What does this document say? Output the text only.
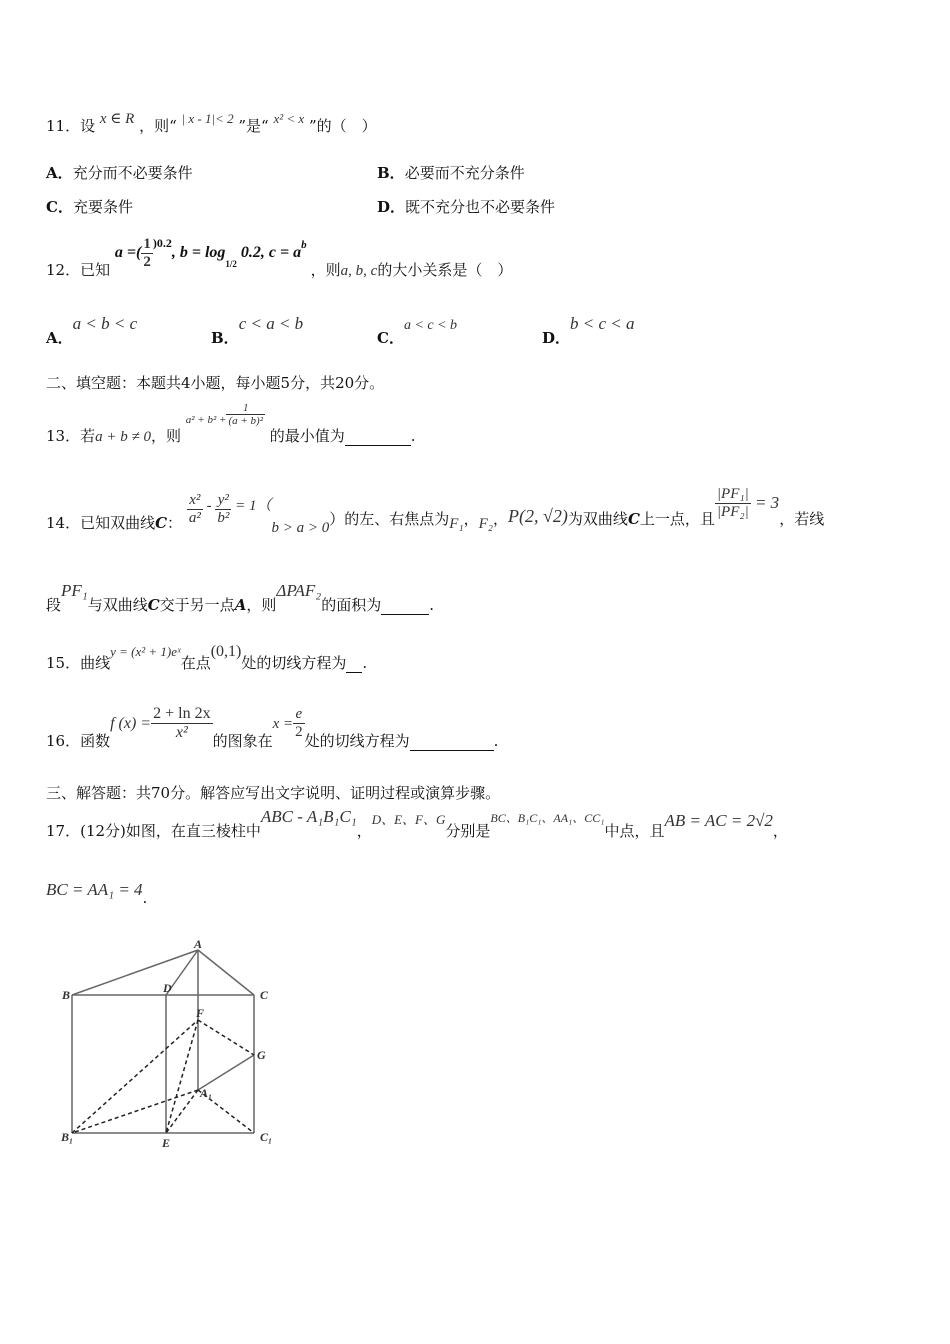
11．设 x ∈ R ，则“ | x - 1|< 2 ”是“ x² < x ”的（　）
A．充分而不必要条件	B．必要而不充分条件
C．充要条件	D．既不充分也不必要条件
12．已知 a =( $\frac{1}{2} ^{)0.2}$, $b = \log_{1/2} 0.2$, $c = a^b$ ，则a, b, c的大小关系是（　）
A．a < b < c
B．c < a < b
C．a < c < b
D．b < c < a
二、填空题：本题共4小题，每小题5分，共20分。
13．若a + b ≠ 0，则 $_{a^2 + b^2 +} \frac{1}{\text{(a + b)²}}$
的最小值为	.
14．已知双曲线C： $\frac{\text{x²}}{\text{a²}} - \frac{\text{y²}}{\text{b²}} = 1(b > a > 0)$的左、右焦点为F₁，F₂，P(2, √2)为双曲线C上一点，且 $\frac{\text{|PF₁|}}{\text{|PF₂|}} = 3$，若线
段PF₁与双曲线C交于另一点A，则ΔPAF₂的面积为	.
15．曲线y = (x² + 1)eˣ在点(0,1)处的切线方程为 .
16．函数f $(x) = \frac{2 + \ln 2x}{\text{x²}}$ 的图象在$x = \frac{e}{2}$ 处的切线方程为	.
三、解答题：共70分。解答应写出文字说明、证明过程或演算步骤。
17．(12分)如图，在直三棱柱中ABC - A₁B₁C₁，D、E、F、G分别是BC、B₁C₁、AA₁、CC₁中点，且AB = AC = 2√2，
BC = AA₁ = 4.
A
B	D	C
F
G
A₁
B₁	E	C₁
